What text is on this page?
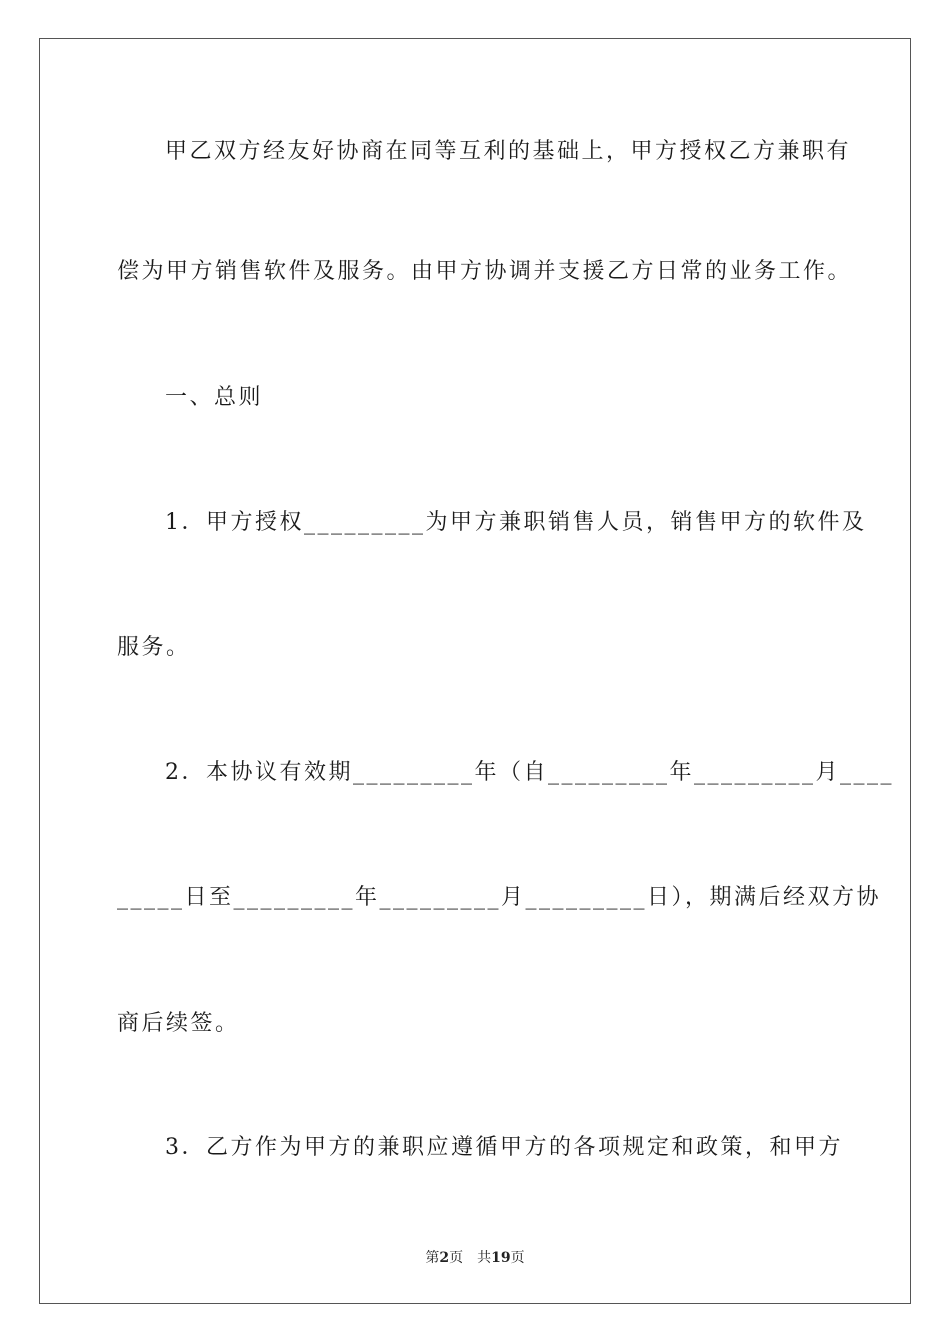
甲乙双方经友好协商在同等互利的基础上，甲方授权乙方兼职有
偿为甲方销售软件及服务。由甲方协调并支援乙方日常的业务工作。
一、总则
1．甲方授权_________为甲方兼职销售人员，销售甲方的软件及
服务。
2．本协议有效期_________年（自_________年_________月____
_____日至_________年_________月_________日），期满后经双方协
商后续签。
3．乙方作为甲方的兼职应遵循甲方的各项规定和政策，和甲方
第2页　共19页
